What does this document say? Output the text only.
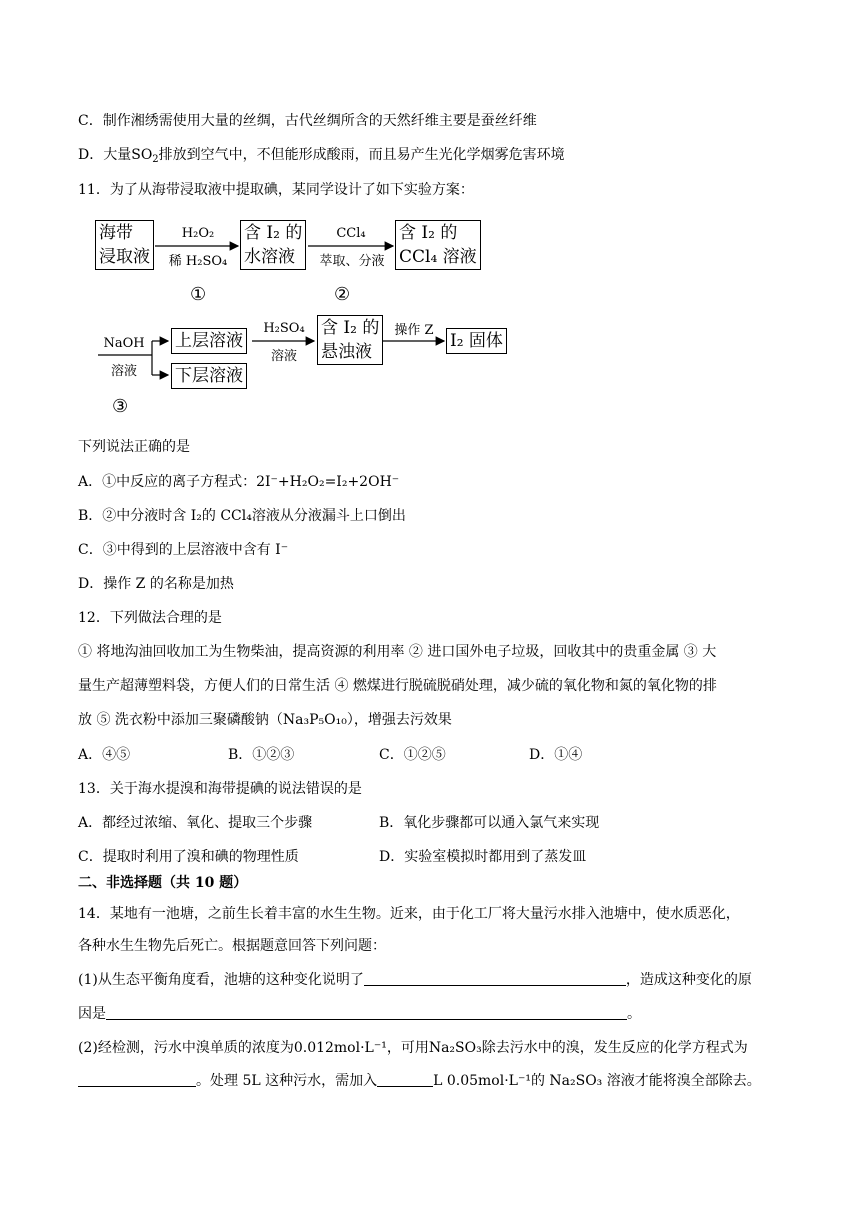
C．制作湘绣需使用大量的丝绸，古代丝绸所含的天然纤维主要是蚕丝纤维
D．大量$SO_2$排放到空气中，不但能形成酸雨，而且易产生光化学烟雾危害环境
11．为了从海带浸取液中提取碘，某同学设计了如下实验方案：
海带
浸取液
H₂O₂
稀 H₂SO₄
含 I₂ 的
水溶液
CCl₄
萃取、分液
含 I₂ 的
CCl₄ 溶液
①	②
NaOH
溶液
上层溶液
下层溶液
H₂SO₄
溶液
含 I₂ 的
悬浊液
操作 Z
I₂ 固体
③
下列说法正确的是
A．①中反应的离子方程式：2I⁻+H₂O₂=I₂+2OH⁻
B．②中分液时含 I₂的 CCl₄溶液从分液漏斗上口倒出
C．③中得到的上层溶液中含有 I⁻
D．操作 Z 的名称是加热
12．下列做法合理的是
① 将地沟油回收加工为生物柴油，提高资源的利用率 ② 进口国外电子垃圾，回收其中的贵重金属 ③ 大
量生产超薄塑料袋，方便人们的日常生活 ④ 燃煤进行脱硫脱硝处理，减少硫的氧化物和氮的氧化物的排
放 ⑤ 洗衣粉中添加三聚磷酸钠（Na₃P₅O₁₀），增强去污效果
A．④⑤	B．①②③	C．①②⑤	D．①④
13．关于海水提溴和海带提碘的说法错误的是
A．都经过浓缩、氧化、提取三个步骤	B．氧化步骤都可以通入氯气来实现
C．提取时利用了溴和碘的物理性质	D．实验室模拟时都用到了蒸发皿
二、非选择题（共 10 题）
14．某地有一池塘，之前生长着丰富的水生生物。近来，由于化工厂将大量污水排入池塘中，使水质恶化，
各种水生生物先后死亡。根据题意回答下列问题：
(1)从生态平衡角度看，池塘的这种变化说明了	，造成这种变化的原
因是	。
(2)经检测，污水中溴单质的浓度为0.012mol·L⁻¹，可用Na₂SO₃除去污水中的溴，发生反应的化学方程式为
。处理 5L 这种污水，需加入	L 0.05mol·L⁻¹的 Na₂SO₃ 溶液才能将溴全部除去。
